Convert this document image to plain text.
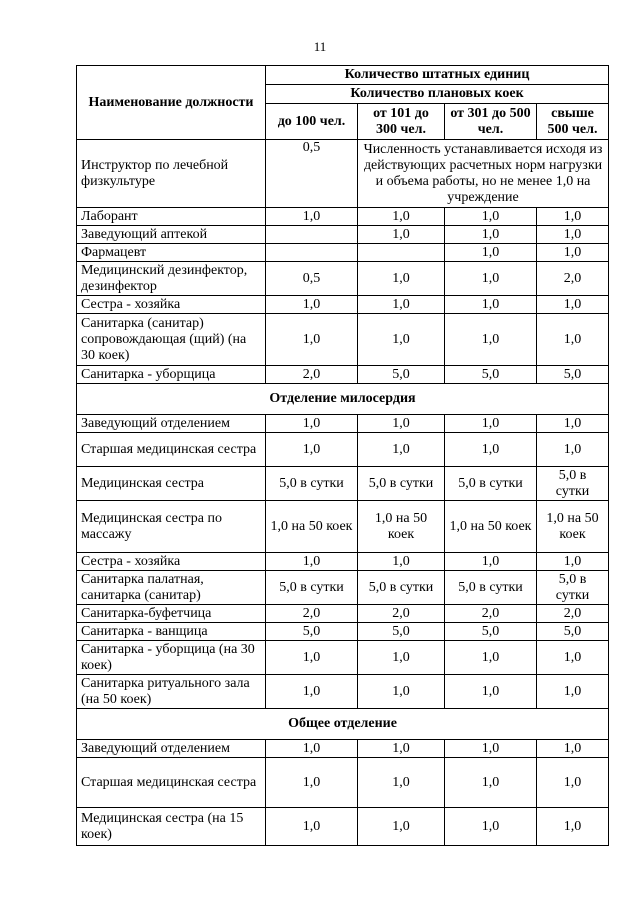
11
Наименование должности	Количество штатных единиц			
	Количество плановых коек			
	до 100 чел.	от 101 до 300 чел.	от 301 до 500 чел.	свыше 500 чел.
Инструктор по лечебной физкультуре	0,5	Численность устанавливается исходя из действующих расчетных норм нагрузки и объема работы, но не менее 1,0 на учреждение		
Лаборант	1,0	1,0	1,0	1,0
Заведующий аптекой		1,0	1,0	1,0
Фармацевт			1,0	1,0
Медицинский дезинфектор, дезинфектор	0,5	1,0	1,0	2,0
Сестра - хозяйка	1,0	1,0	1,0	1,0
Санитарка (санитар) сопровождающая (щий) (на 30 коек)	1,0	1,0	1,0	1,0
Санитарка - уборщица	2,0	5,0	5,0	5,0
Отделение милосердия				
Заведующий отделением	1,0	1,0	1,0	1,0
Старшая медицинская сестра	1,0	1,0	1,0	1,0
Медицинская сестра	5,0 в сутки	5,0 в сутки	5,0 в сутки	5,0 в сутки
Медицинская сестра по массажу	1,0 на 50 коек	1,0 на 50 коек	1,0 на 50 коек	1,0 на 50 коек
Сестра - хозяйка	1,0	1,0	1,0	1,0
Санитарка палатная, санитарка (санитар)	5,0 в сутки	5,0 в сутки	5,0 в сутки	5,0 в сутки
Санитарка-буфетчица	2,0	2,0	2,0	2,0
Санитарка - ванщица	5,0	5,0	5,0	5,0
Санитарка - уборщица (на 30 коек)	1,0	1,0	1,0	1,0
Санитарка ритуального зала (на 50 коек)	1,0	1,0	1,0	1,0
Общее отделение				
Заведующий отделением	1,0	1,0	1,0	1,0
Старшая медицинская сестра	1,0	1,0	1,0	1,0
Медицинская сестра (на 15 коек)	1,0	1,0	1,0	1,0
